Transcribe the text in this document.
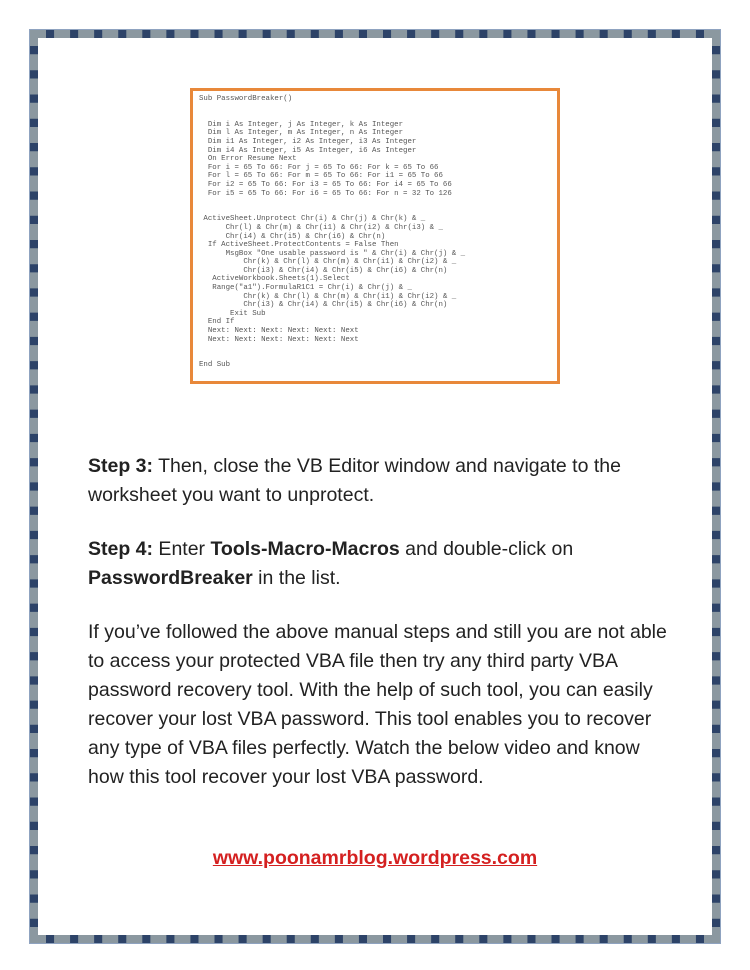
Sub PasswordBreaker()

Dim i As Integer, j As Integer, k As Integer
Dim l As Integer, m As Integer, n As Integer
Dim i1 As Integer, i2 As Integer, i3 As Integer
Dim i4 As Integer, i5 As Integer, i6 As Integer
On Error Resume Next
For i = 65 To 66: For j = 65 To 66: For k = 65 To 66
For l = 65 To 66: For m = 65 To 66: For i1 = 65 To 66
For i2 = 65 To 66: For i3 = 65 To 66: For i4 = 65 To 66
For i5 = 65 To 66: For i6 = 65 To 66: For n = 32 To 126

ActiveSheet.Unprotect Chr(i) & Chr(j) & Chr(k) & _
Chr(l) & Chr(m) & Chr(i1) & Chr(i2) & Chr(i3) & _
Chr(i4) & Chr(i5) & Chr(i6) & Chr(n)
If ActiveSheet.ProtectContents = False Then
MsgBox "One usable password is " & Chr(i) & Chr(j) & _
Chr(k) & Chr(l) & Chr(m) & Chr(i1) & Chr(i2) & _
Chr(i3) & Chr(i4) & Chr(i5) & Chr(i6) & Chr(n)
ActiveWorkbook.Sheets(1).Select
Range("a1").FormulaR1C1 = Chr(i) & Chr(j) & _
Chr(k) & Chr(l) & Chr(m) & Chr(i1) & Chr(i2) & _
Chr(i3) & Chr(i4) & Chr(i5) & Chr(i6) & Chr(n)
Exit Sub
End If
Next: Next: Next: Next: Next: Next
Next: Next: Next: Next: Next: Next

End Sub

Step 3: Then, close the VB Editor window and navigate to the worksheet you want to unprotect.

Step 4: Enter Tools-Macro-Macros and double-click on PasswordBreaker in the list.

If you’ve followed the above manual steps and still you are not able to access your protected VBA file then try any third party VBA password recovery tool. With the help of such tool, you can easily recover your lost VBA password. This tool enables you to recover any type of VBA files perfectly. Watch the below video and know how this tool recover your lost VBA password.

www.poonamrblog.wordpress.com
